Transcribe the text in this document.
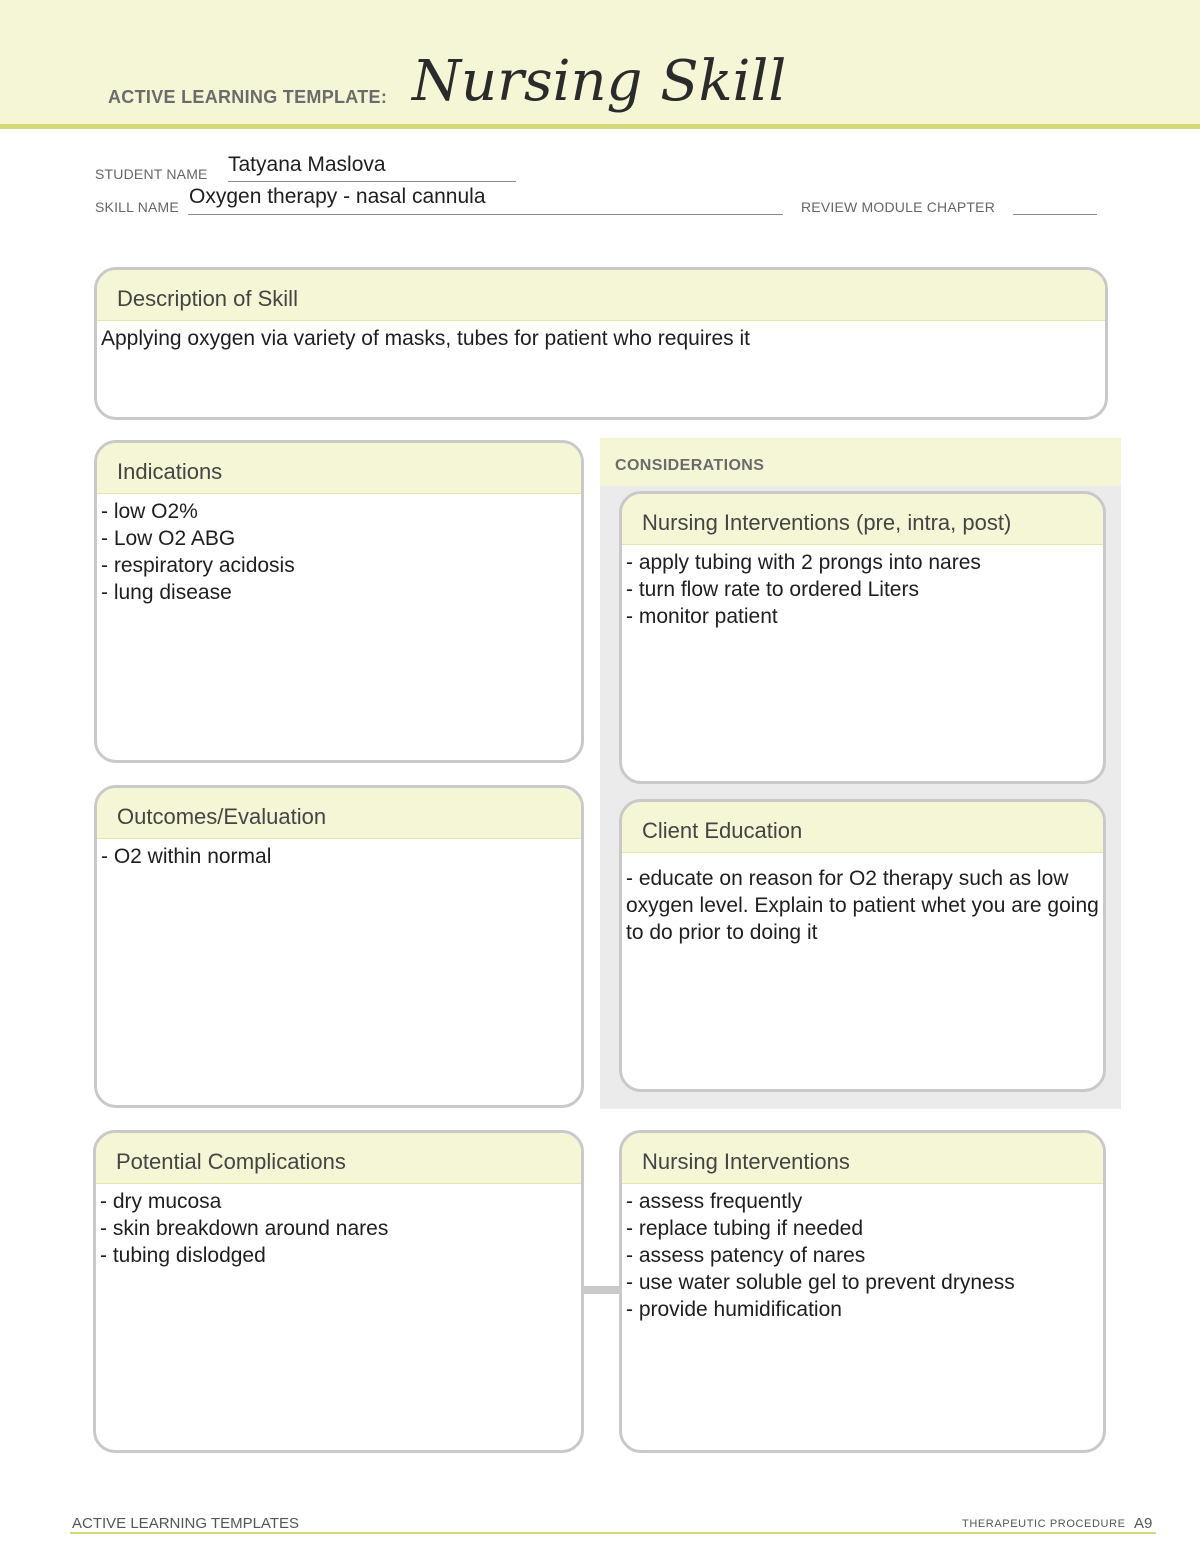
ACTIVE LEARNING TEMPLATE: Nursing Skill
STUDENT NAME Tatyana Maslova
SKILL NAME Oxygen therapy - nasal cannula	REVIEW MODULE CHAPTER
Description of Skill
Applying oxygen via variety of masks, tubes for patient who requires it
CONSIDERATIONS
Indications
- low O2%
- Low O2 ABG
- respiratory acidosis
- lung disease
Nursing Interventions (pre, intra, post)
- apply tubing with 2 prongs into nares
- turn flow rate to ordered Liters
- monitor patient
Outcomes/Evaluation
- O2 within normal
Client Education
- educate on reason for O2 therapy such as low oxygen level. Explain to patient whet you are going to do prior to doing it
Potential Complications
- dry mucosa
- skin breakdown around nares
- tubing dislodged
Nursing Interventions
- assess frequently
- replace tubing if needed
- assess patency of nares
- use water soluble gel to prevent dryness
- provide humidification
ACTIVE LEARNING TEMPLATES	THERAPEUTIC PROCEDURE A9
